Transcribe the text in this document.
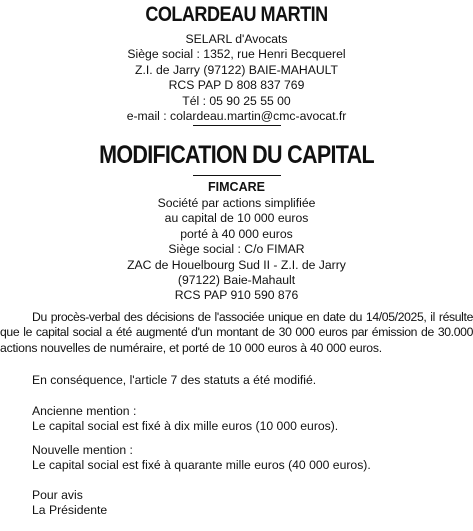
COLARDEAU MARTIN
SELARL d'Avocats
Siège social : 1352, rue Henri Becquerel
Z.I. de Jarry (97122) BAIE-MAHAULT
RCS PAP D 808 837 769
Tél : 05 90 25 55 00
e-mail : colardeau.martin@cmc-avocat.fr
MODIFICATION DU CAPITAL
FIMCARE
Société par actions simplifiée
au capital de 10 000 euros
porté à 40 000 euros
Siège social : C/o FIMAR
ZAC de Houelbourg Sud II - Z.I. de Jarry
(97122) Baie-Mahault
RCS PAP 910 590 876
Du procès-verbal des décisions de l'associée unique en date du 14/05/2025, il résulte
que le capital social a été augmenté d'un montant de 30 000 euros par émission de 30.000
actions nouvelles de numéraire, et porté de 10 000 euros à 40 000 euros.
En conséquence, l'article 7 des statuts a été modifié.
Ancienne mention :
Le capital social est fixé à dix mille euros (10 000 euros).
Nouvelle mention :
Le capital social est fixé à quarante mille euros (40 000 euros).
Pour avis
La Présidente
